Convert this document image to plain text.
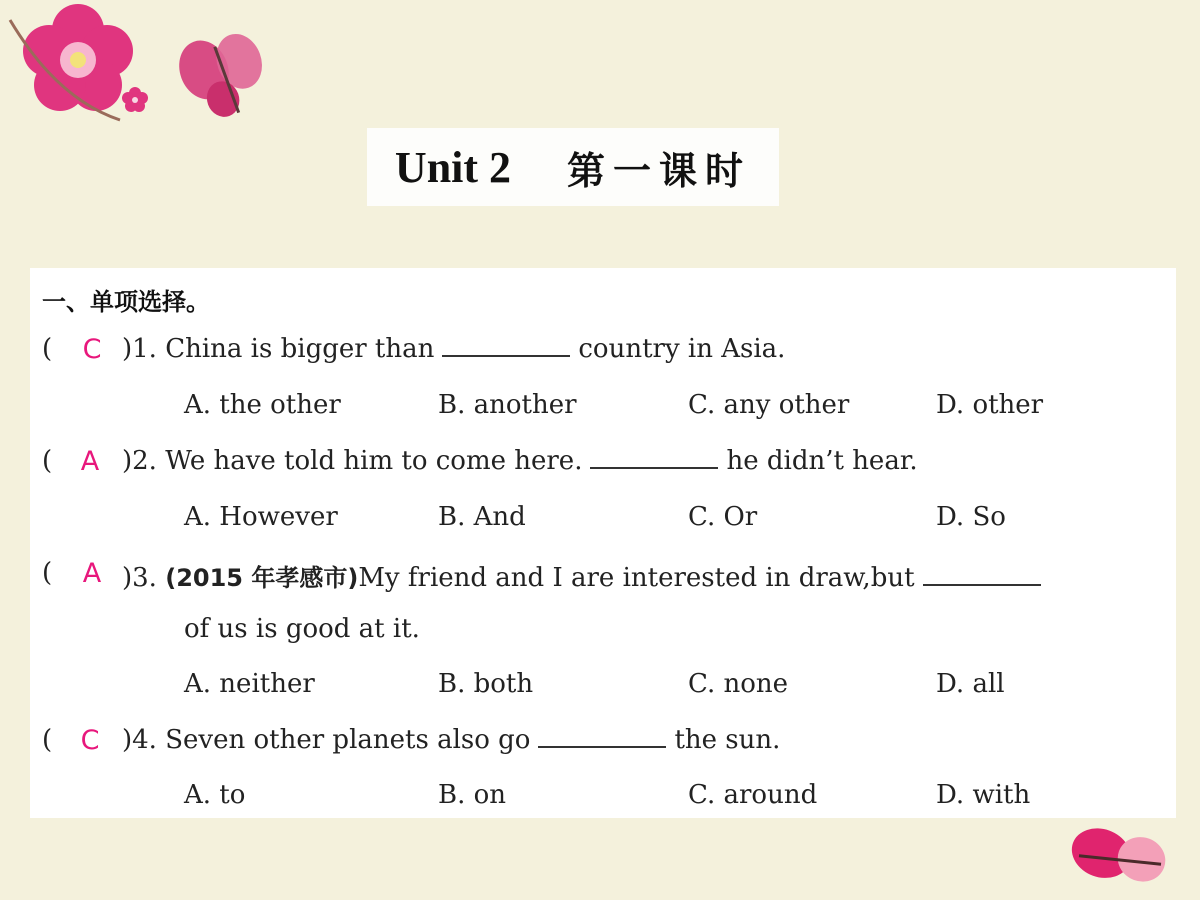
Unit 2 第一课时
一、单项选择。
(	C )1. China is bigger than	country in Asia.
A. the other	B. another	C. any other	D. other
(	A )2. We have told him to come here.	he didn’t hear.
A. However	B. And	C. Or	D. So
(	A )3. (2015 年孝感市)My friend and I are interested in draw,but
of us is good at it.
A. neither	B. both	C. none	D. all
(	C )4. Seven other planets also go	the sun.
A. to	B. on	C. around	D. with
